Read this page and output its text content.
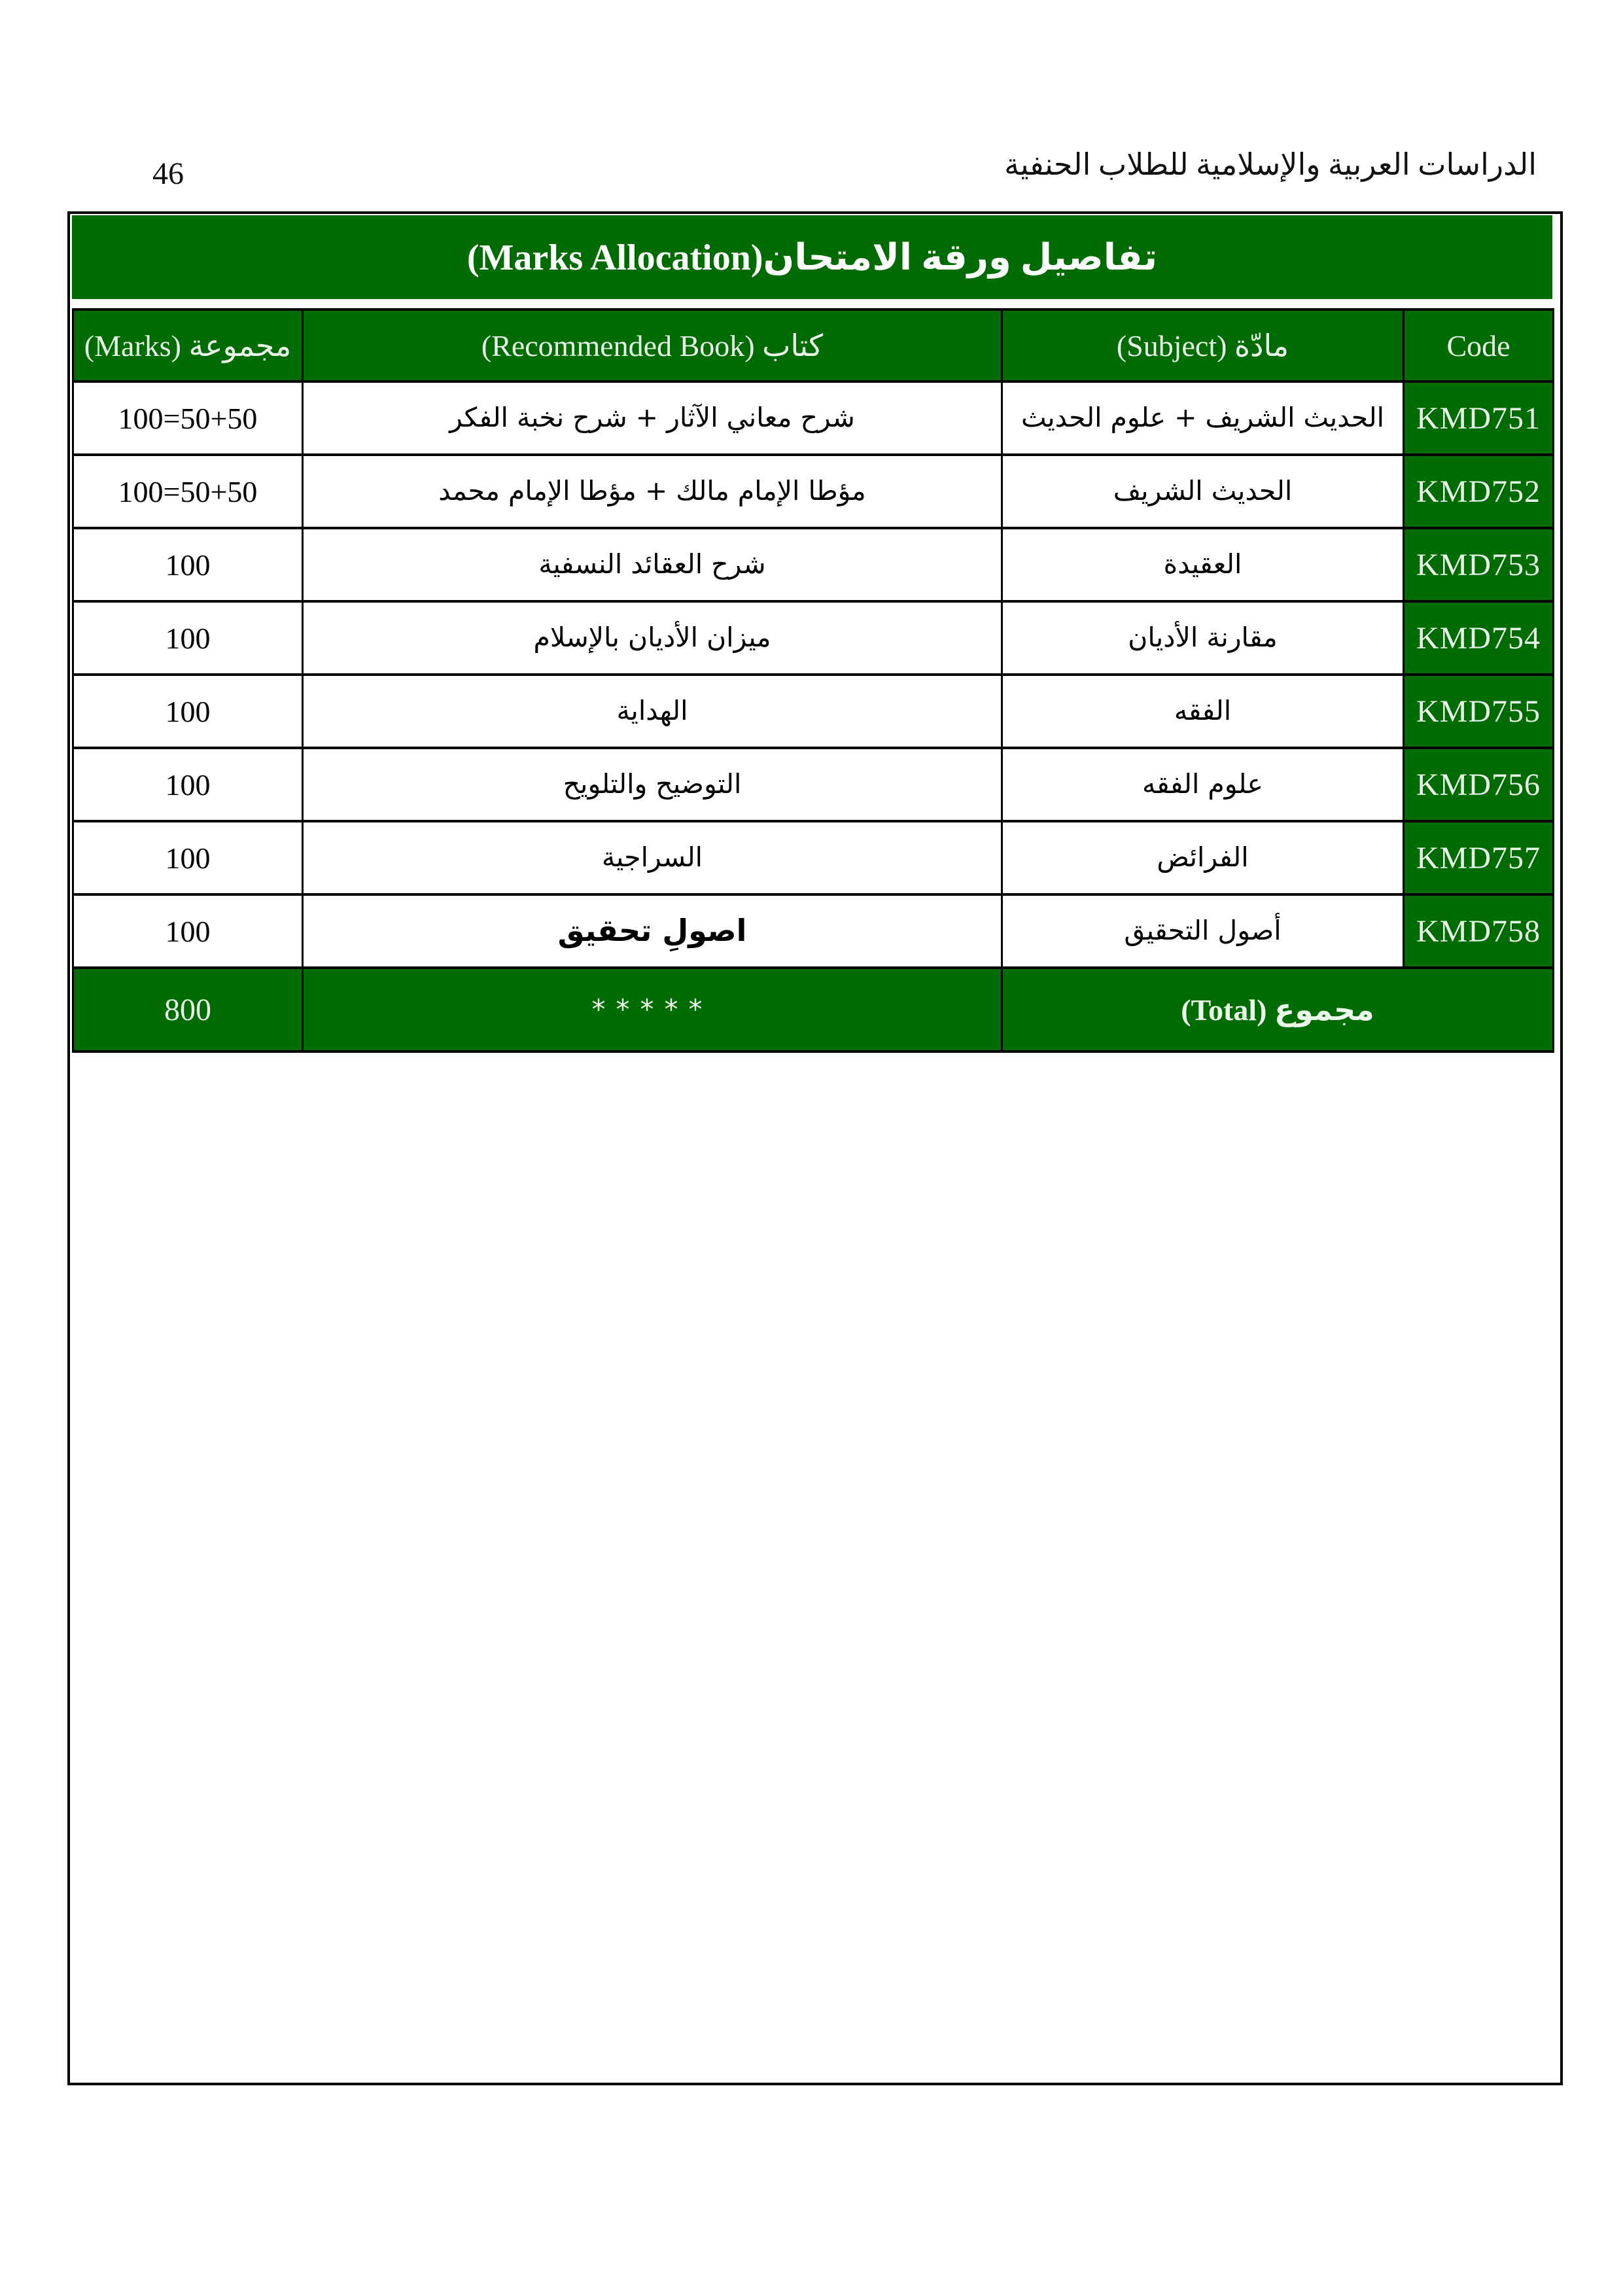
الدراسات العربية والإسلامية للطلاب الحنفية
46
تفاصيل ورقة الامتحان(Marks Allocation)
مجموعة (Marks)	كتاب (Recommended Book)	مادّة (Subject)	Code
100=50+50	شرح معاني الآثار + شرح نخبة الفكر	الحديث الشريف + علوم الحديث	KMD751
100=50+50	مؤطا الإمام مالك + مؤطا الإمام محمد	الحديث الشريف	KMD752
100	شرح العقائد النسفية	العقيدة	KMD753
100	ميزان الأديان بالإسلام	مقارنة الأديان	KMD754
100	الهداية	الفقه	KMD755
100	التوضيح والتلويح	علوم الفقه	KMD756
100	السراجية	الفرائض	KMD757
100	اصولِ تحقيق	أصول التحقيق	KMD758
800	*****	مجموع (Total)	
